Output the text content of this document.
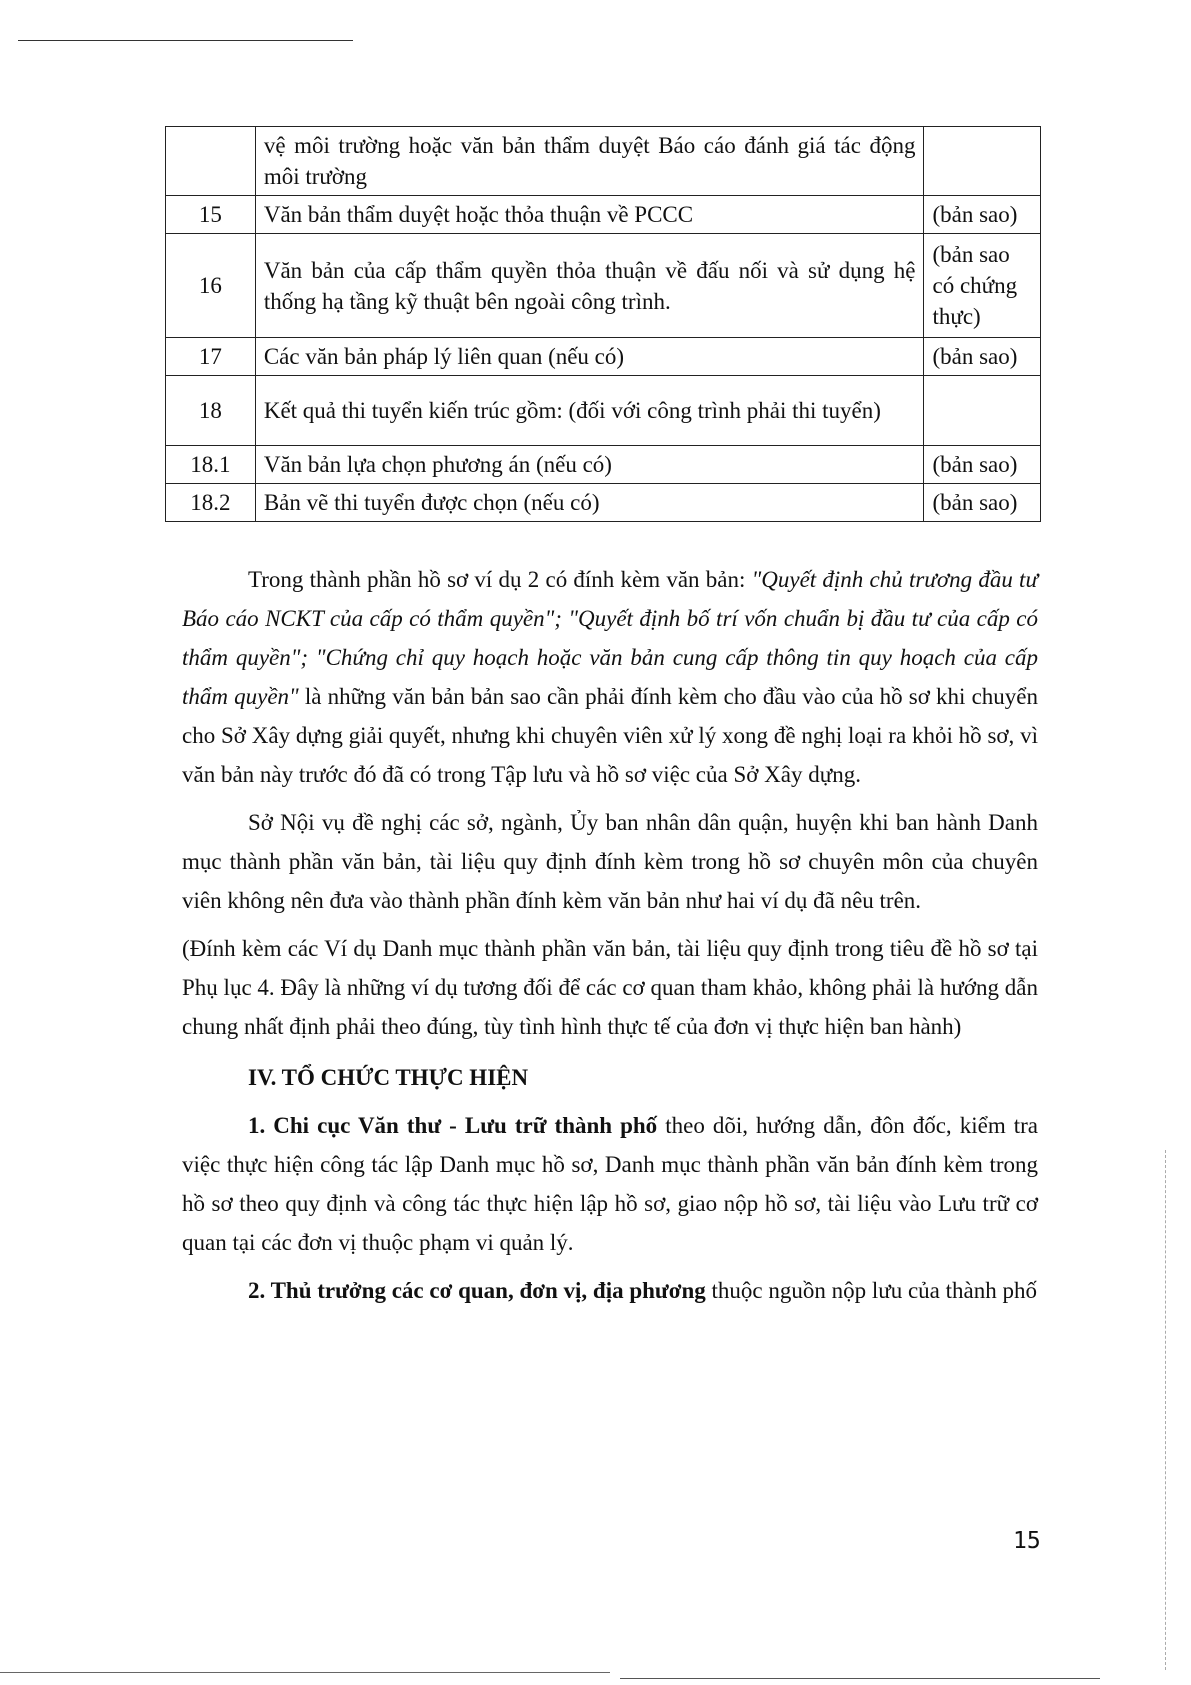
	vệ môi trường hoặc văn bản thẩm duyệt Báo cáo đánh giá tác động môi trường	
15	Văn bản thẩm duyệt hoặc thỏa thuận về PCCC	(bản sao)
16	Văn bản của cấp thẩm quyền thỏa thuận về đấu nối và sử dụng hệ thống hạ tầng kỹ thuật bên ngoài công trình.	(bản sao có chứng thực)
17	Các văn bản pháp lý liên quan (nếu có)	(bản sao)
18	Kết quả thi tuyển kiến trúc gồm: (đối với công trình phải thi tuyển)	
18.1	Văn bản lựa chọn phương án (nếu có)	(bản sao)
18.2	Bản vẽ thi tuyển được chọn (nếu có)	(bản sao)

Trong thành phần hồ sơ ví dụ 2 có đính kèm văn bản: "Quyết định chủ trương đầu tư Báo cáo NCKT của cấp có thẩm quyền"; "Quyết định bố trí vốn chuẩn bị đầu tư của cấp có thẩm quyền"; "Chứng chỉ quy hoạch hoặc văn bản cung cấp thông tin quy hoạch của cấp thẩm quyền" là những văn bản bản sao cần phải đính kèm cho đầu vào của hồ sơ khi chuyển cho Sở Xây dựng giải quyết, nhưng khi chuyên viên xử lý xong đề nghị loại ra khỏi hồ sơ, vì văn bản này trước đó đã có trong Tập lưu và hồ sơ việc của Sở Xây dựng.

Sở Nội vụ đề nghị các sở, ngành, Ủy ban nhân dân quận, huyện khi ban hành Danh mục thành phần văn bản, tài liệu quy định đính kèm trong hồ sơ chuyên môn của chuyên viên không nên đưa vào thành phần đính kèm văn bản như hai ví dụ đã nêu trên.

(Đính kèm các Ví dụ Danh mục thành phần văn bản, tài liệu quy định trong tiêu đề hồ sơ tại Phụ lục 4. Đây là những ví dụ tương đối để các cơ quan tham khảo, không phải là hướng dẫn chung nhất định phải theo đúng, tùy tình hình thực tế của đơn vị thực hiện ban hành)

IV. TỔ CHỨC THỰC HIỆN

1. Chi cục Văn thư - Lưu trữ thành phố theo dõi, hướng dẫn, đôn đốc, kiểm tra việc thực hiện công tác lập Danh mục hồ sơ, Danh mục thành phần văn bản đính kèm trong hồ sơ theo quy định và công tác thực hiện lập hồ sơ, giao nộp hồ sơ, tài liệu vào Lưu trữ cơ quan tại các đơn vị thuộc phạm vi quản lý.

2. Thủ trưởng các cơ quan, đơn vị, địa phương thuộc nguồn nộp lưu của thành phố

15
